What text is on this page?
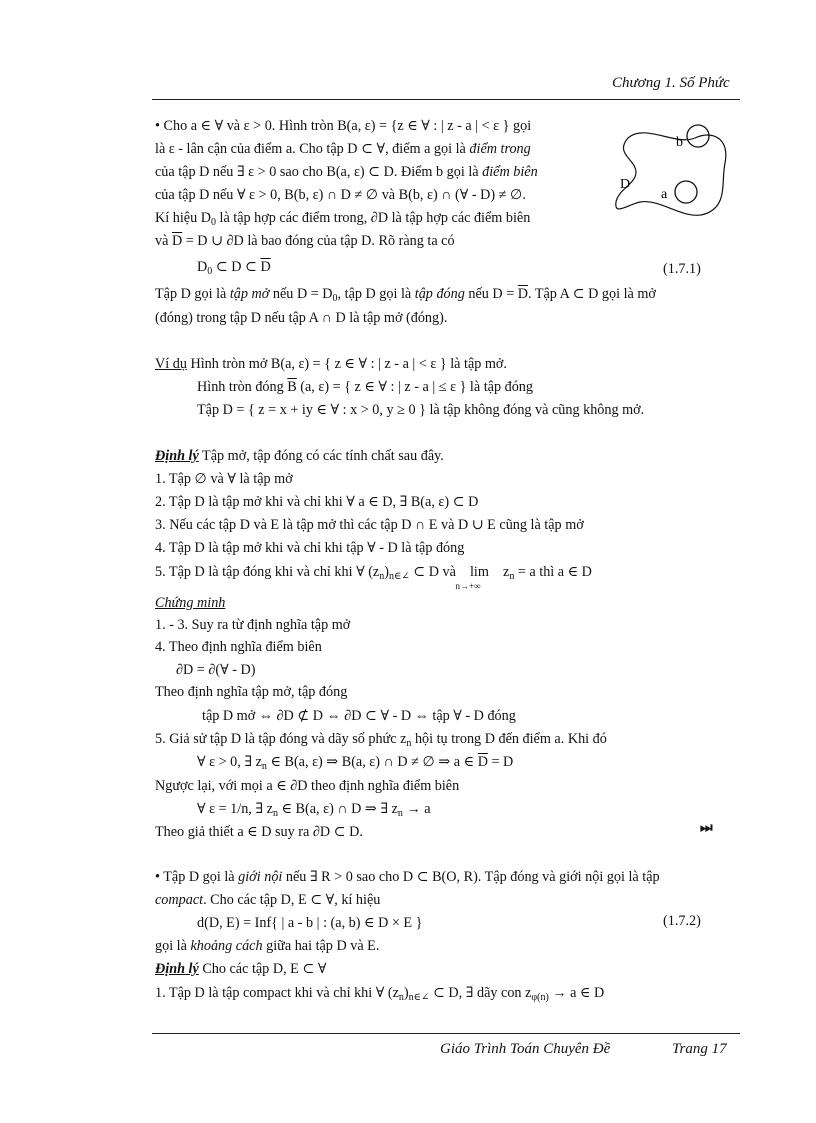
Chương 1. Số Phức
b
D
a
• Cho a ∈ ∀ và ε > 0. Hình tròn B(a, ε) = {z ∈ ∀ : | z - a | < ε } gọi
là ε - lân cận của điểm a. Cho tập D ⊂ ∀, điểm a gọi là điểm trong
của tập D nếu ∃ ε > 0 sao cho B(a, ε) ⊂ D. Điểm b gọi là điểm biên
của tập D nếu ∀ ε > 0, B(b, ε) ∩ D ≠ ∅ và B(b, ε) ∩ (∀ - D) ≠ ∅.
Kí hiệu $D_0$ là tập hợp các điểm trong, ∂D là tập hợp các điểm biên
và $\overline{D} = D$ ∪ ∂D là bao đóng của tập D. Rõ ràng ta có
$D_0$ ⊂ D ⊂ $\overline{D}$	(1.7.1)
Tập D gọi là tập mở nếu $D = D_0$, tập D gọi là tập đóng nếu $D = \overline{D}$. Tập A ⊂ D gọi là mở
(đóng) trong tập D nếu tập A ∩ D là tập mở (đóng).
Ví dụ Hình tròn mở B(a, ε) = { z ∈ ∀ : | z - a | < ε } là tập mở.
Hình tròn đóng $\overline{B}$ (a, ε) = { z ∈ ∀ : | z - a | ≤ ε } là tập đóng
Tập D = { z = x + iy ∈ ∀ : x > 0, y ≥ 0 } là tập không đóng và cũng không mở.
Định lý Tập mở, tập đóng có các tính chất sau đây.
1. Tập ∅ và ∀ là tập mở
2. Tập D là tập mở khi và chỉ khi ∀ a ∈ D, ∃ B(a, ε) ⊂ D
3. Nếu các tập D và E là tập mở thì các tập D ∩ E và D ∪ E cũng là tập mở
4. Tập D là tập mở khi và chỉ khi tập ∀ - D là tập đóng
5. Tập D là tập đóng khi và chỉ khi ∀ $(z_n)_{n\in\angle}$ ⊂ D và lim
n→+∞
$z_n = a$ thì a ∈ D
Chứng minh
1. - 3. Suy ra từ định nghĩa tập mở
4. Theo định nghĩa điểm biên
∂D = ∂(∀ - D)
Theo định nghĩa tập mở, tập đóng
tập D mở ⇔ ∂D ⊄ D ⇔ ∂D ⊂ ∀ - D ⇔ tập ∀ - D đóng
5. Giả sử tập D là tập đóng và dãy số phức $z_n$ hội tụ trong D đến điểm a. Khi đó
∀ ε > 0, ∃ $z_n$ ∈ B(a, ε) ⇒ B(a, ε) ∩ D ≠ ∅ ⇒ a ∈ $\overline{D} = D$
Ngược lại, với mọi a ∈ ∂D theo định nghĩa điểm biên
∀ ε = 1/n, ∃ $z_n$ ∈ B(a, ε) ∩ D ⇒ ∃ $z_n \to a$
Theo giả thiết a ∈ D suy ra ∂D ⊂ D.	⏭
• Tập D gọi là giới nội nếu ∃ R > 0 sao cho D ⊂ B(O, R). Tập đóng và giới nội gọi là tập
compact. Cho các tập D, E ⊂ ∀, kí hiệu
d(D, E) = Inf{ | a - b | : (a, b) ∈ D × E }	(1.7.2)
gọi là khoảng cách giữa hai tập D và E.
Định lý Cho các tập D, E ⊂ ∀
1. Tập D là tập compact khi và chỉ khi ∀ $(z_n)_{n\in\angle}$ ⊂ D, ∃ dãy con $z_{\varphi(n)} \to a$ ∈ D
Giáo Trình Toán Chuyên Đề	Trang 17
